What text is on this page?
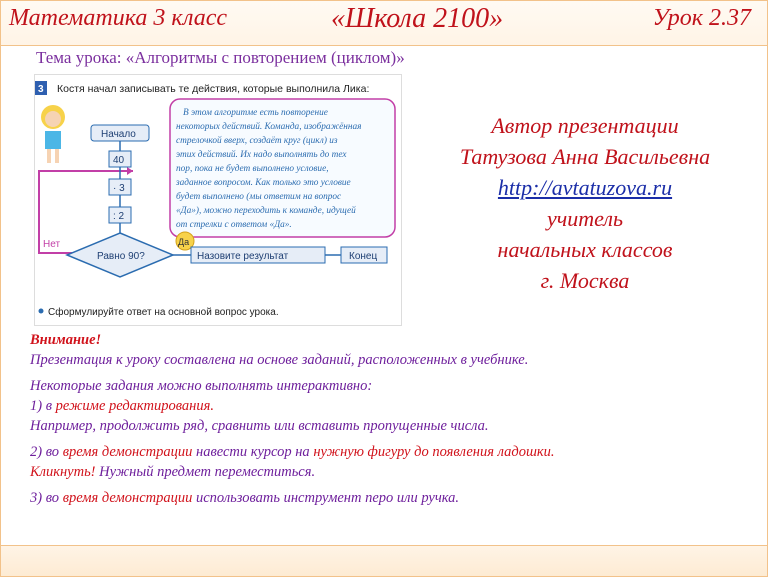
Математика 3 класс	«Школа 2100»	Урок 2.37
Тема урока: «Алгоритмы с повторением (циклом)»
3 Костя начал записывать те действия, которые выполнила Лика:
В этом алгоритме есть повторение
некоторых действий. Команда, изображённая
стрелочкой вверх, создаёт круг (цикл) из
этих действий. Их надо выполнять до тех
пор, пока не будет выполнено условие,
заданное вопросом. Как только это условие
будет выполнено (мы ответим на вопрос
«Да»), можно переходить к команде, идущей
от стрелки с ответом «Да».
Начало
40
· 3
: 2
Равно 90?
Нет	Да
Назовите результат	Конец
Сформулируйте ответ на основной вопрос урока.
Автор презентации
Татузова Анна Васильевна
http://avtatuzova.ru
учитель
начальных классов
г. Москва

Внимание!

Презентация к уроку составлена на основе заданий, расположенных в учебнике.

Некоторые задания можно выполнять интерактивно:

1) в режиме редактирования.

Например, продолжить ряд, сравнить или вставить пропущенные числа.

2) во время демонстрации навести курсор на нужную фигуру до появления ладошки.

Кликнуть! Нужный предмет переместиться.

3) во время демонстрации использовать инструмент перо или ручка.
